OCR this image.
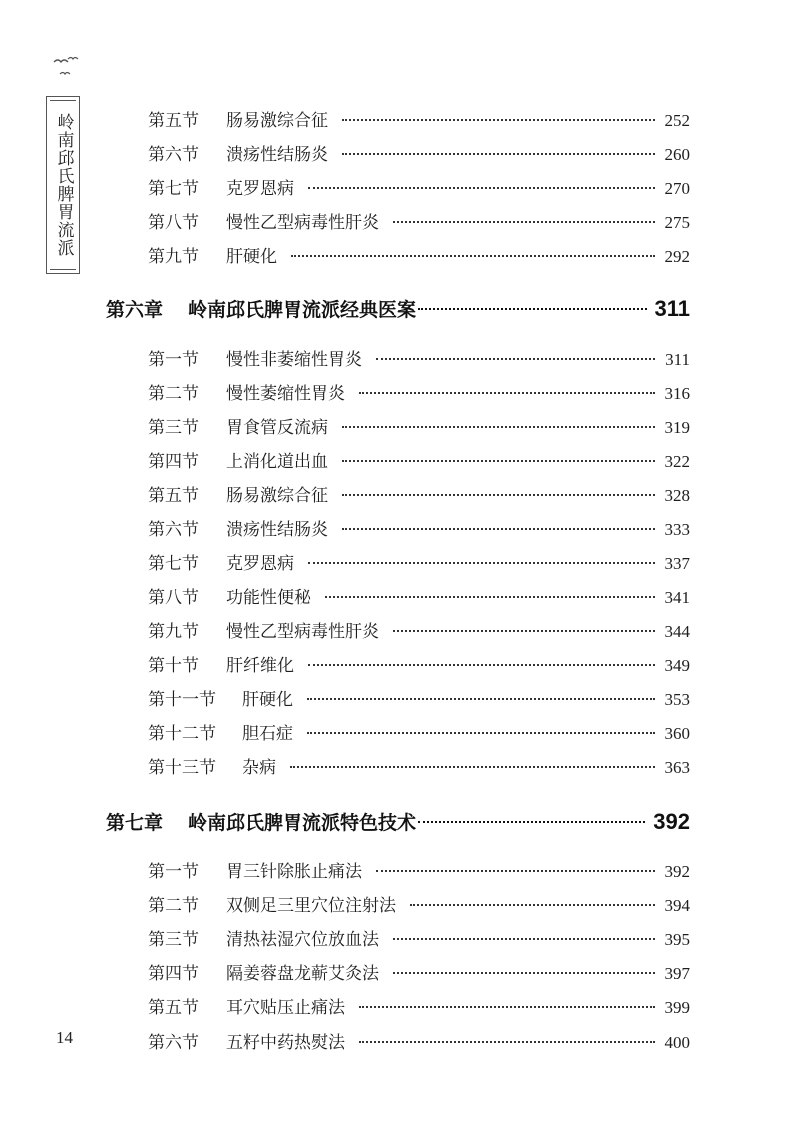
岭南邱氏脾胃流派	第五节	肠易激综合征	252
第六节	溃疡性结肠炎	260
第七节	克罗恩病	270
第八节	慢性乙型病毒性肝炎	275
第九节	肝硬化	292
第六章	岭南邱氏脾胃流派经典医案	311
第一节	慢性非萎缩性胃炎	311
第二节	慢性萎缩性胃炎	316
第三节	胃食管反流病	319
第四节	上消化道出血	322
第五节	肠易激综合征	328
第六节	溃疡性结肠炎	333
第七节	克罗恩病	337
第八节	功能性便秘	341
第九节	慢性乙型病毒性肝炎	344
第十节	肝纤维化	349
第十一节	肝硬化	353
第十二节	胆石症	360
第十三节	杂病	363
第七章	岭南邱氏脾胃流派特色技术	392
第一节	胃三针除胀止痛法	392
第二节	双侧足三里穴位注射法	394
第三节	清热祛湿穴位放血法	395
第四节	隔姜蓉盘龙蕲艾灸法	397
第五节	耳穴贴压止痛法	399
第六节	五籽中药热熨法	400
14
